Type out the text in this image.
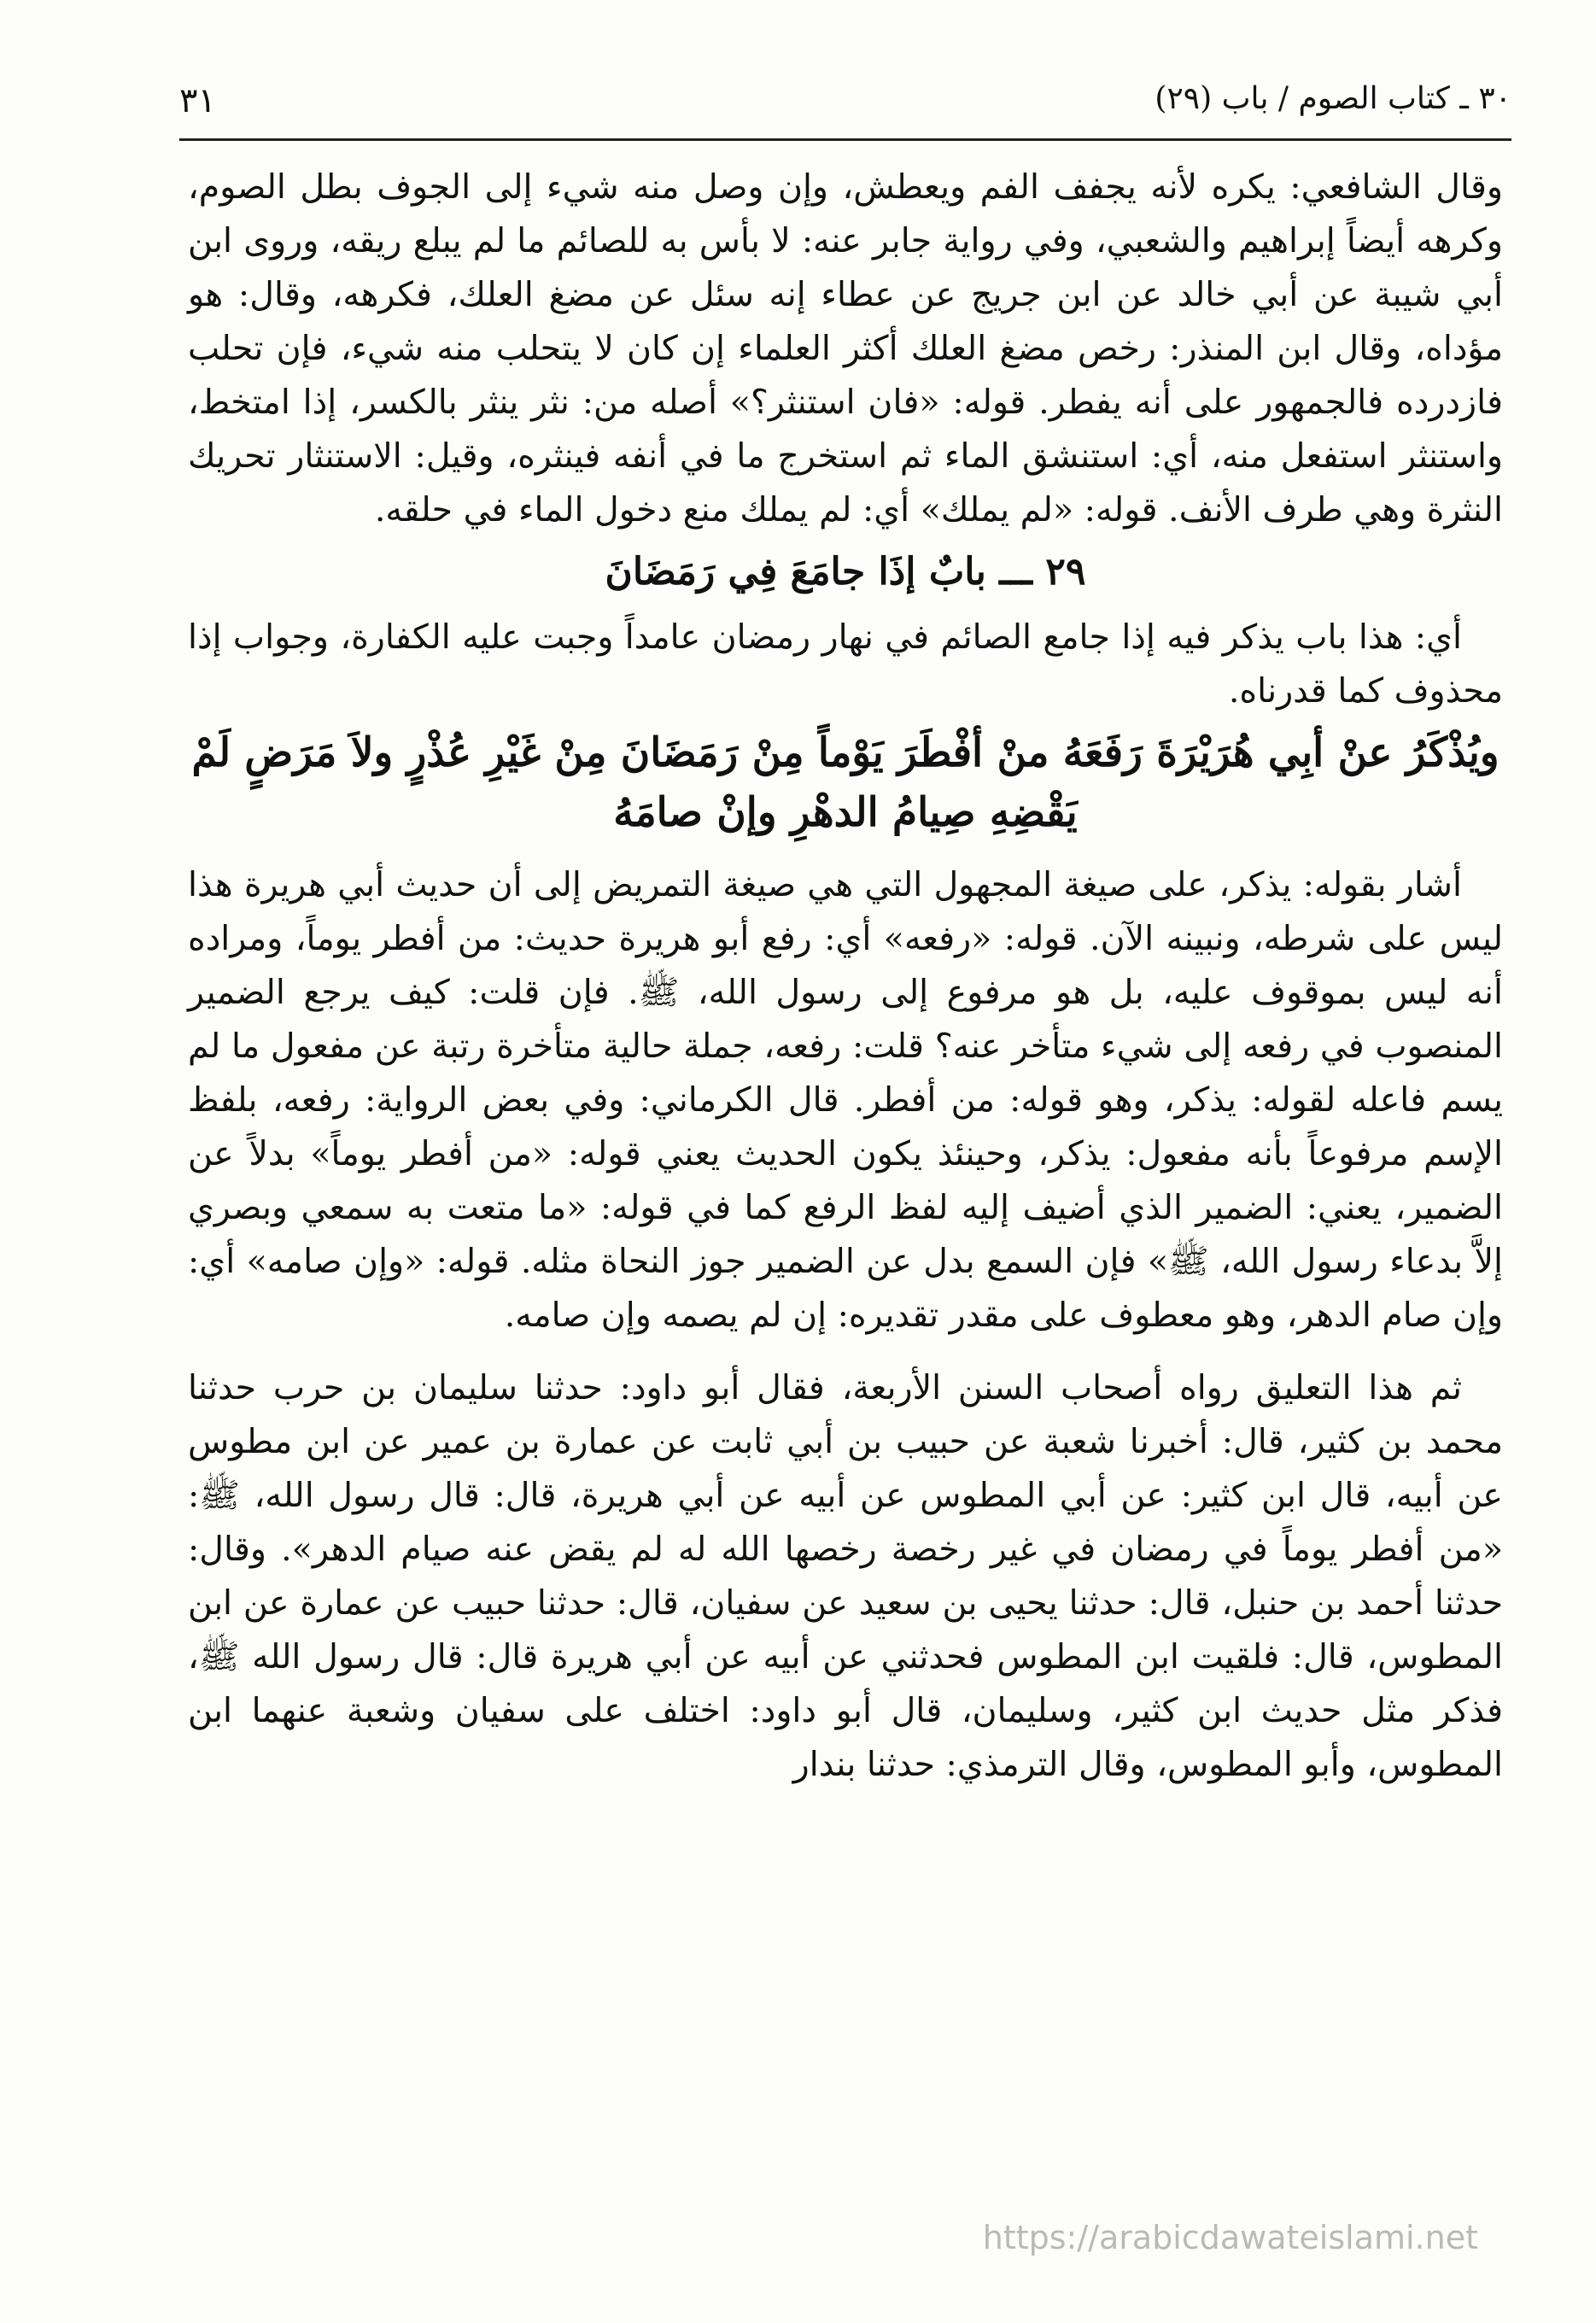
٣٠ ـ كتاب الصوم / باب (٢٩)
٣١

وقال الشافعي: يكره لأنه يجفف الفم ويعطش، وإن وصل منه شيء إلى الجوف بطل الصوم، وكرهه أيضاً إبراهيم والشعبي، وفي رواية جابر عنه: لا بأس به للصائم ما لم يبلع ريقه، وروى ابن أبي شيبة عن أبي خالد عن ابن جريج عن عطاء إنه سئل عن مضغ العلك، فكرهه، وقال: هو مؤداه، وقال ابن المنذر: رخص مضغ العلك أكثر العلماء إن كان لا يتحلب منه شيء، فإن تحلب فازدرده فالجمهور على أنه يفطر. قوله: «فان استنثر؟» أصله من: نثر ينثر بالكسر، إذا امتخط، واستنثر استفعل منه، أي: استنشق الماء ثم استخرج ما في أنفه فينثره، وقيل: الاستنثار تحريك النثرة وهي طرف الأنف. قوله: «لم يملك» أي: لم يملك منع دخول الماء في حلقه.

٢٩ ـــ بابٌ إذَا جامَعَ فِي رَمَضَانَ

أي: هذا باب يذكر فيه إذا جامع الصائم في نهار رمضان عامداً وجبت عليه الكفارة، وجواب إذا محذوف كما قدرناه.

ويُذْكَرُ عنْ أبِي هُرَيْرَةَ رَفَعَهُ منْ أفْطَرَ يَوْماً مِنْ رَمَضَانَ مِنْ غَيْرِ عُذْرٍ ولاَ مَرَضٍ لَمْ يَقْضِهِ صِيامُ الدهْرِ وإنْ صامَهُ

أشار بقوله: يذكر، على صيغة المجهول التي هي صيغة التمريض إلى أن حديث أبي هريرة هذا ليس على شرطه، ونبينه الآن. قوله: «رفعه» أي: رفع أبو هريرة حديث: من أفطر يوماً، ومراده أنه ليس بموقوف عليه، بل هو مرفوع إلى رسول الله، ﷺ. فإن قلت: كيف يرجع الضمير المنصوب في رفعه إلى شيء متأخر عنه؟ قلت: رفعه، جملة حالية متأخرة رتبة عن مفعول ما لم يسم فاعله لقوله: يذكر، وهو قوله: من أفطر. قال الكرماني: وفي بعض الرواية: رفعه، بلفظ الإسم مرفوعاً بأنه مفعول: يذكر، وحينئذ يكون الحديث يعني قوله: «من أفطر يوماً» بدلاً عن الضمير، يعني: الضمير الذي أضيف إليه لفظ الرفع كما في قوله: «ما متعت به سمعي وبصري إلاَّ بدعاء رسول الله، ﷺ» فإن السمع بدل عن الضمير جوز النحاة مثله. قوله: «وإن صامه» أي: وإن صام الدهر، وهو معطوف على مقدر تقديره: إن لم يصمه وإن صامه.

ثم هذا التعليق رواه أصحاب السنن الأربعة، فقال أبو داود: حدثنا سليمان بن حرب حدثنا محمد بن كثير، قال: أخبرنا شعبة عن حبيب بن أبي ثابت عن عمارة بن عمير عن ابن مطوس عن أبيه، قال ابن كثير: عن أبي المطوس عن أبيه عن أبي هريرة، قال: قال رسول الله، ﷺ: «من أفطر يوماً في رمضان في غير رخصة رخصها الله له لم يقض عنه صيام الدهر». وقال: حدثنا أحمد بن حنبل، قال: حدثنا يحيى بن سعيد عن سفيان، قال: حدثنا حبيب عن عمارة عن ابن المطوس، قال: فلقيت ابن المطوس فحدثني عن أبيه عن أبي هريرة قال: قال رسول الله ﷺ، فذكر مثل حديث ابن كثير، وسليمان، قال أبو داود: اختلف على سفيان وشعبة عنهما ابن المطوس، وأبو المطوس، وقال الترمذي: حدثنا بندار

https://arabicdawateislami.net
